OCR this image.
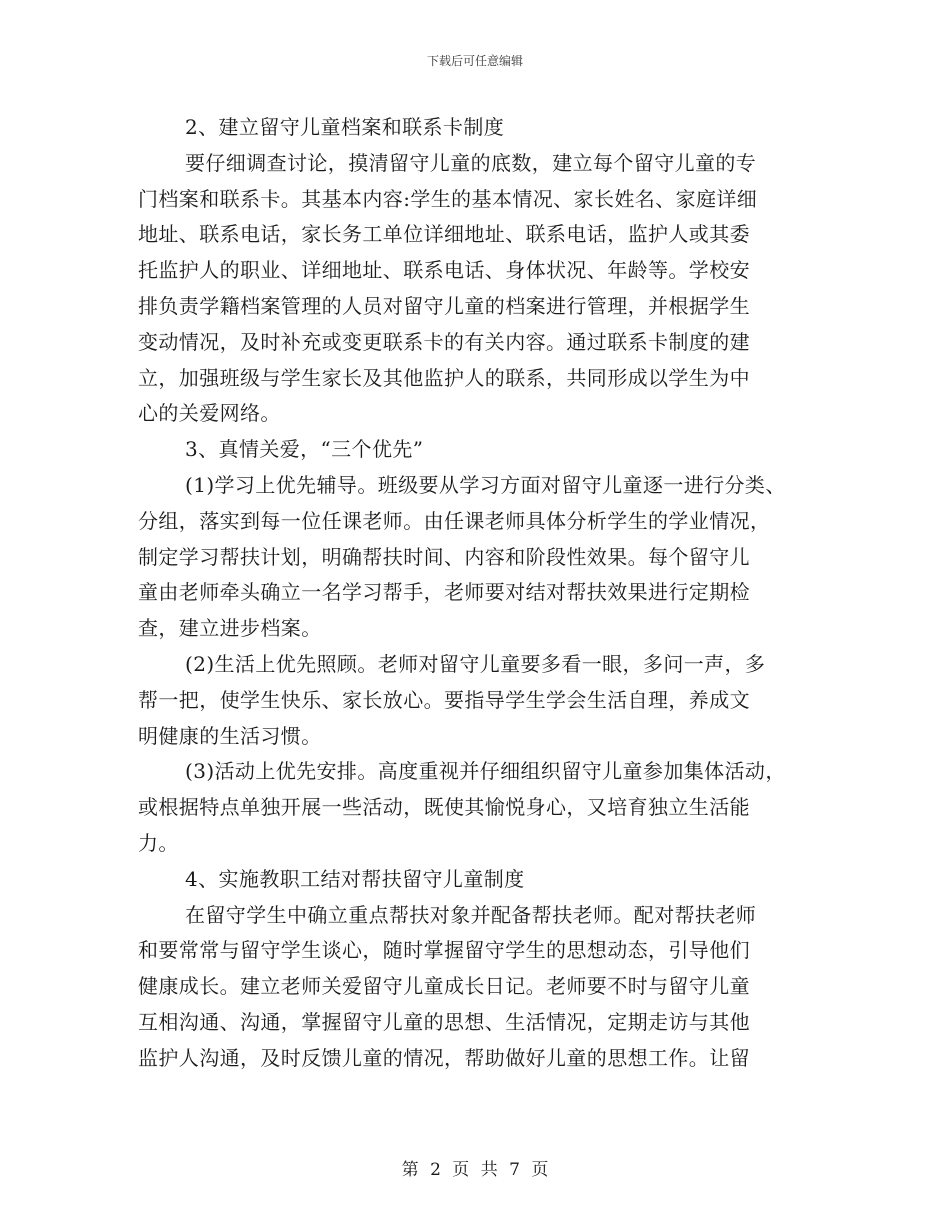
下载后可任意编辑
2、建立留守儿童档案和联系卡制度
要仔细调查讨论，摸清留守儿童的底数，建立每个留守儿童的专
门档案和联系卡。其基本内容:学生的基本情况、家长姓名、家庭详细
地址、联系电话，家长务工单位详细地址、联系电话，监护人或其委
托监护人的职业、详细地址、联系电话、身体状况、年龄等。学校安
排负责学籍档案管理的人员对留守儿童的档案进行管理，并根据学生
变动情况，及时补充或变更联系卡的有关内容。通过联系卡制度的建
立，加强班级与学生家长及其他监护人的联系，共同形成以学生为中
心的关爱网络。
3、真情关爱，“三个优先”
(1)学习上优先辅导。班级要从学习方面对留守儿童逐一进行分类、
分组，落实到每一位任课老师。由任课老师具体分析学生的学业情况，
制定学习帮扶计划，明确帮扶时间、内容和阶段性效果。每个留守儿
童由老师牵头确立一名学习帮手，老师要对结对帮扶效果进行定期检
查，建立进步档案。
(2)生活上优先照顾。老师对留守儿童要多看一眼，多问一声，多
帮一把，使学生快乐、家长放心。要指导学生学会生活自理，养成文
明健康的生活习惯。
(3)活动上优先安排。高度重视并仔细组织留守儿童参加集体活动，
或根据特点单独开展一些活动，既使其愉悦身心，又培育独立生活能
力。
4、实施教职工结对帮扶留守儿童制度
在留守学生中确立重点帮扶对象并配备帮扶老师。配对帮扶老师
和要常常与留守学生谈心，随时掌握留守学生的思想动态，引导他们
健康成长。建立老师关爱留守儿童成长日记。老师要不时与留守儿童
互相沟通、沟通，掌握留守儿童的思想、生活情况，定期走访与其他
监护人沟通，及时反馈儿童的情况，帮助做好儿童的思想工作。让留
第 2 页 共 7 页
